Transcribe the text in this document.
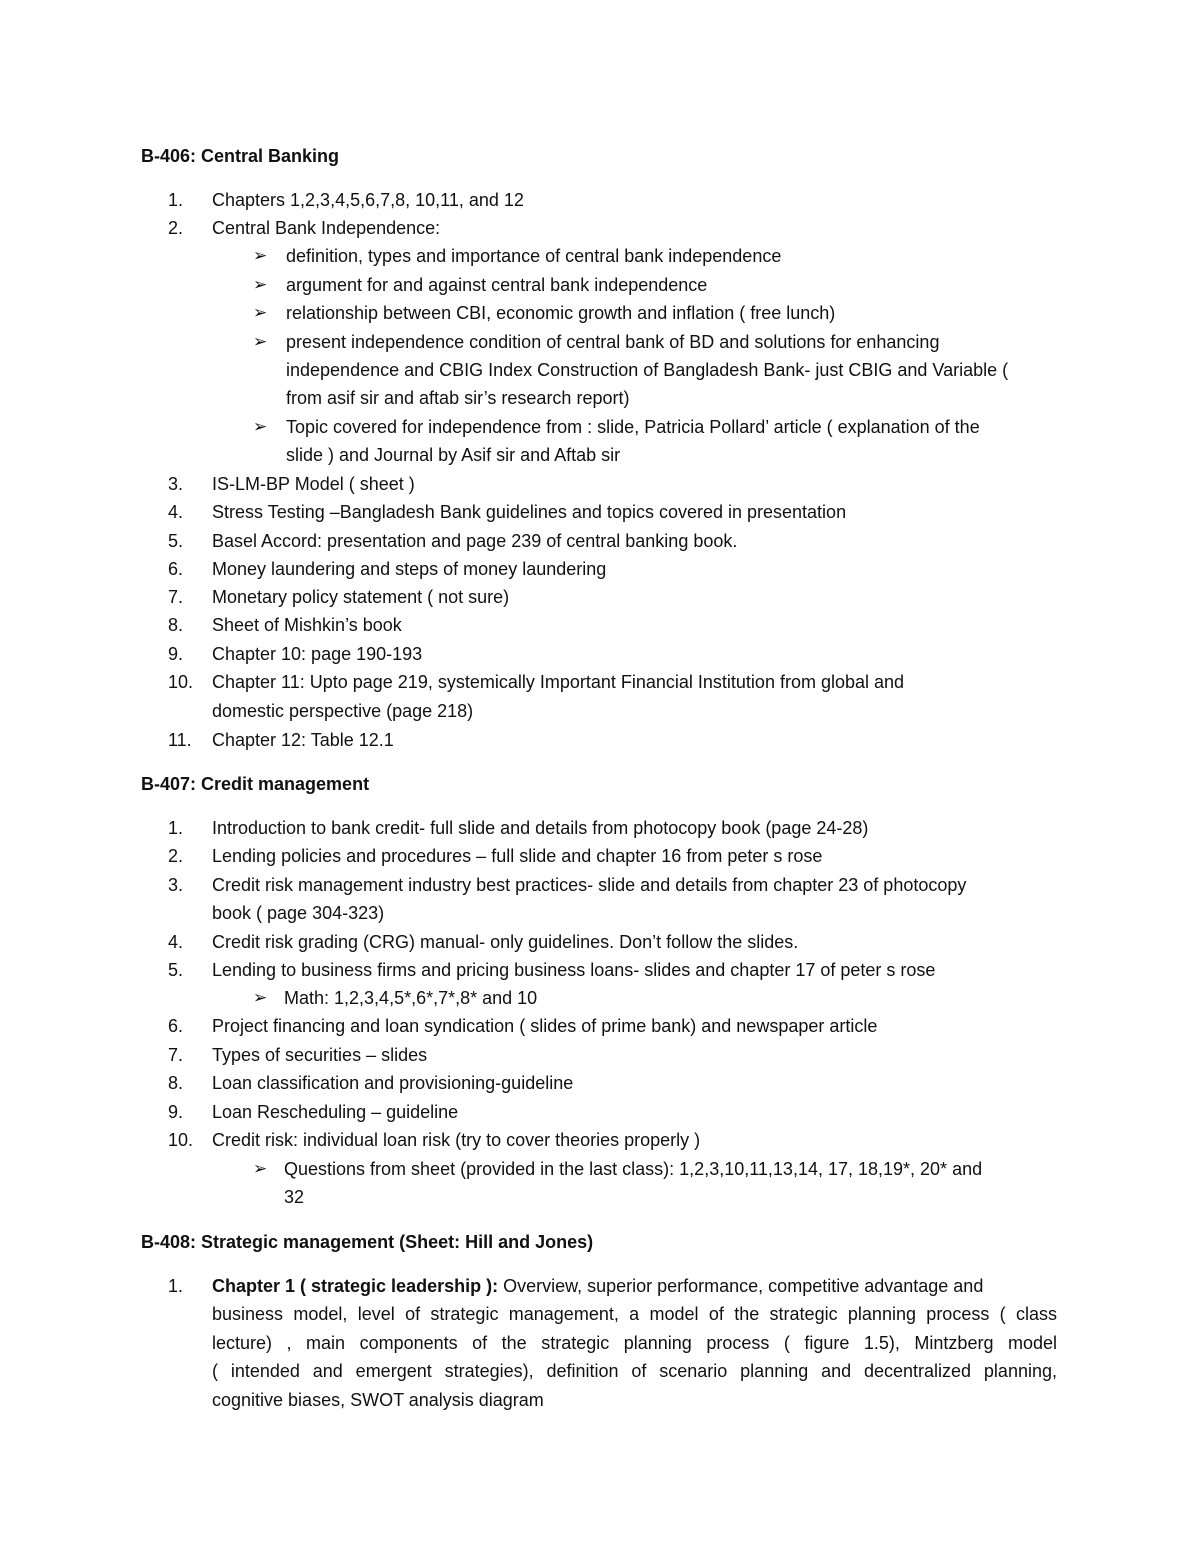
B-406: Central Banking
1. Chapters 1,2,3,4,5,6,7,8, 10,11, and 12
2. Central Bank Independence:
➢ definition, types and importance of central bank independence
➢ argument for and against central bank independence
➢ relationship between CBI, economic growth and inflation ( free lunch)
➢ present independence condition of central bank of BD and solutions for enhancing
independence and CBIG Index Construction of Bangladesh Bank- just CBIG and Variable (
from asif sir and aftab sir’s research report)
➢ Topic covered for independence from : slide, Patricia Pollard’ article ( explanation of the
slide ) and Journal by Asif sir and Aftab sir
3. IS-LM-BP Model ( sheet )
4. Stress Testing –Bangladesh Bank guidelines and topics covered in presentation
5. Basel Accord: presentation and page 239 of central banking book.
6. Money laundering and steps of money laundering
7. Monetary policy statement ( not sure)
8. Sheet of Mishkin’s book
9. Chapter 10: page 190-193
10. Chapter 11: Upto page 219, systemically Important Financial Institution from global and
domestic perspective (page 218)
11. Chapter 12: Table 12.1
B-407: Credit management
1. Introduction to bank credit- full slide and details from photocopy book (page 24-28)
2. Lending policies and procedures – full slide and chapter 16 from peter s rose
3. Credit risk management industry best practices- slide and details from chapter 23 of photocopy
book ( page 304-323)
4. Credit risk grading (CRG) manual- only guidelines. Don’t follow the slides.
5. Lending to business firms and pricing business loans- slides and chapter 17 of peter s rose
➢ Math: 1,2,3,4,5*,6*,7*,8* and 10
6. Project financing and loan syndication ( slides of prime bank) and newspaper article
7. Types of securities – slides
8. Loan classification and provisioning-guideline
9. Loan Rescheduling – guideline
10. Credit risk: individual loan risk (try to cover theories properly )
➢ Questions from sheet (provided in the last class): 1,2,3,10,11,13,14, 17, 18,19*, 20* and
32
B-408: Strategic management (Sheet: Hill and Jones)
1. Chapter 1 ( strategic leadership ): Overview, superior performance, competitive advantage and
business model, level of strategic management, a model of the strategic planning process ( class
lecture) , main components of the strategic planning process ( figure 1.5), Mintzberg model
( intended and emergent strategies), definition of scenario planning and decentralized planning,
cognitive biases, SWOT analysis diagram
